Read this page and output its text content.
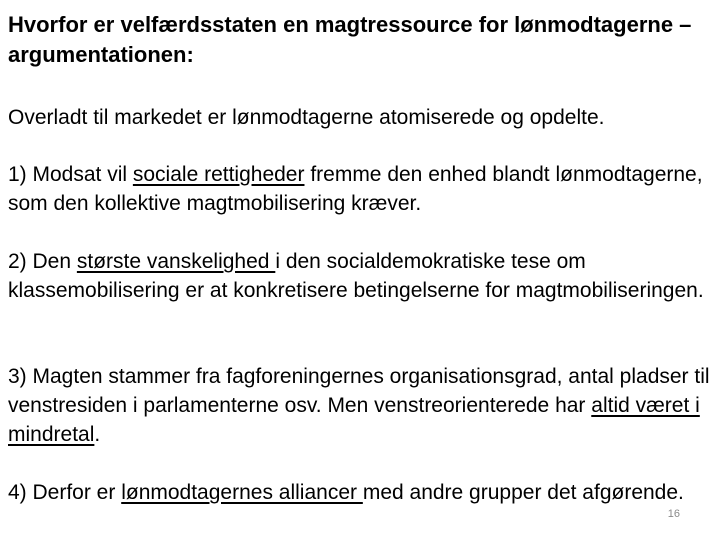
Hvorfor er velfærdsstaten en magtressource for lønmodtagerne – argumentationen:

Overladt til markedet er lønmodtagerne atomiserede og opdelte.

1) Modsat vil sociale rettigheder fremme den enhed blandt lønmodtagerne, som den kollektive magtmobilisering kræver.

2) Den største vanskelighed i den socialdemokratiske tese om klassemobilisering er at konkretisere betingelserne for magtmobiliseringen.

3) Magten stammer fra fagforeningernes organisationsgrad, antal pladser til venstresiden i parlamenterne osv. Men venstreorienterede har altid været i mindretal.

4) Derfor er lønmodtagernes alliancer med andre grupper det afgørende.

16
